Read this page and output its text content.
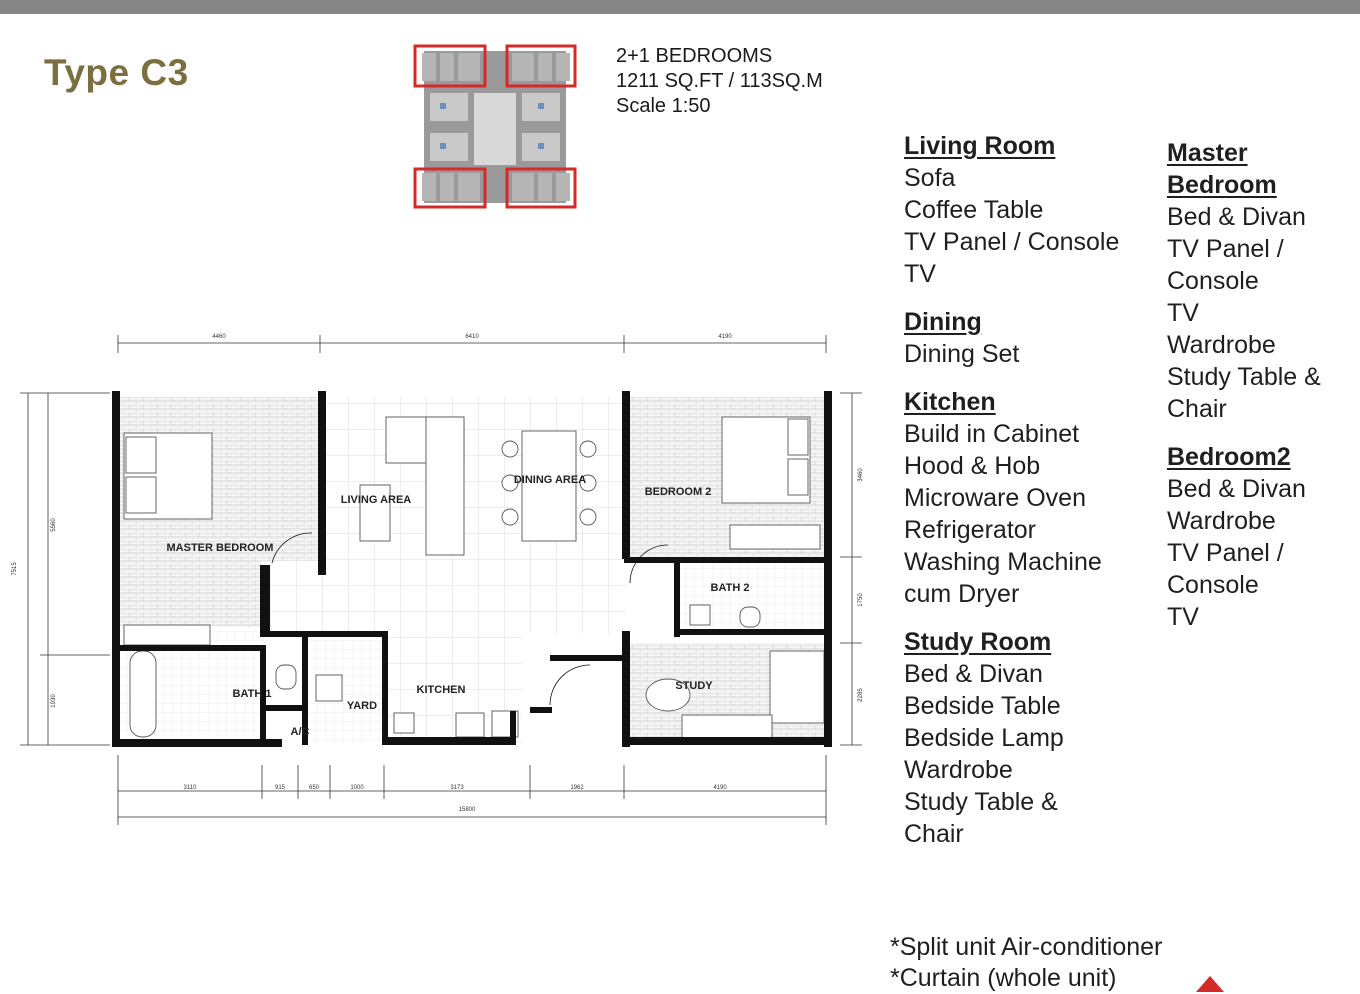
Type C3	2+1 BEDROOMS
1211 SQ.FT / 113SQ.M
Scale 1:50
4460	6410	4190
3110	915	650	1000	3173	1962	4190
15800
5560
1930
7515
3460
1750
2285
MASTER BEDROOM
LIVING AREA
DINING AREA
BEDROOM 2
BATH 2
BATH 1
A/C
YARD
KITCHEN	STUDY
Living Room
Sofa
Coffee Table
TV Panel / Console
TV
Dining
Dining Set
Kitchen
Build in Cabinet
Hood & Hob
Microware Oven
Refrigerator
Washing Machine
cum Dryer
Study Room
Bed & Divan
Bedside Table
Bedside Lamp
Wardrobe
Study Table &
Chair
Master
Bedroom
Bed & Divan
TV Panel /
Console
TV
Wardrobe
Study Table &
Chair
Bedroom2
Bed & Divan
Wardrobe
TV Panel /
Console
TV
*Split unit Air-conditioner
*Curtain (whole unit)
